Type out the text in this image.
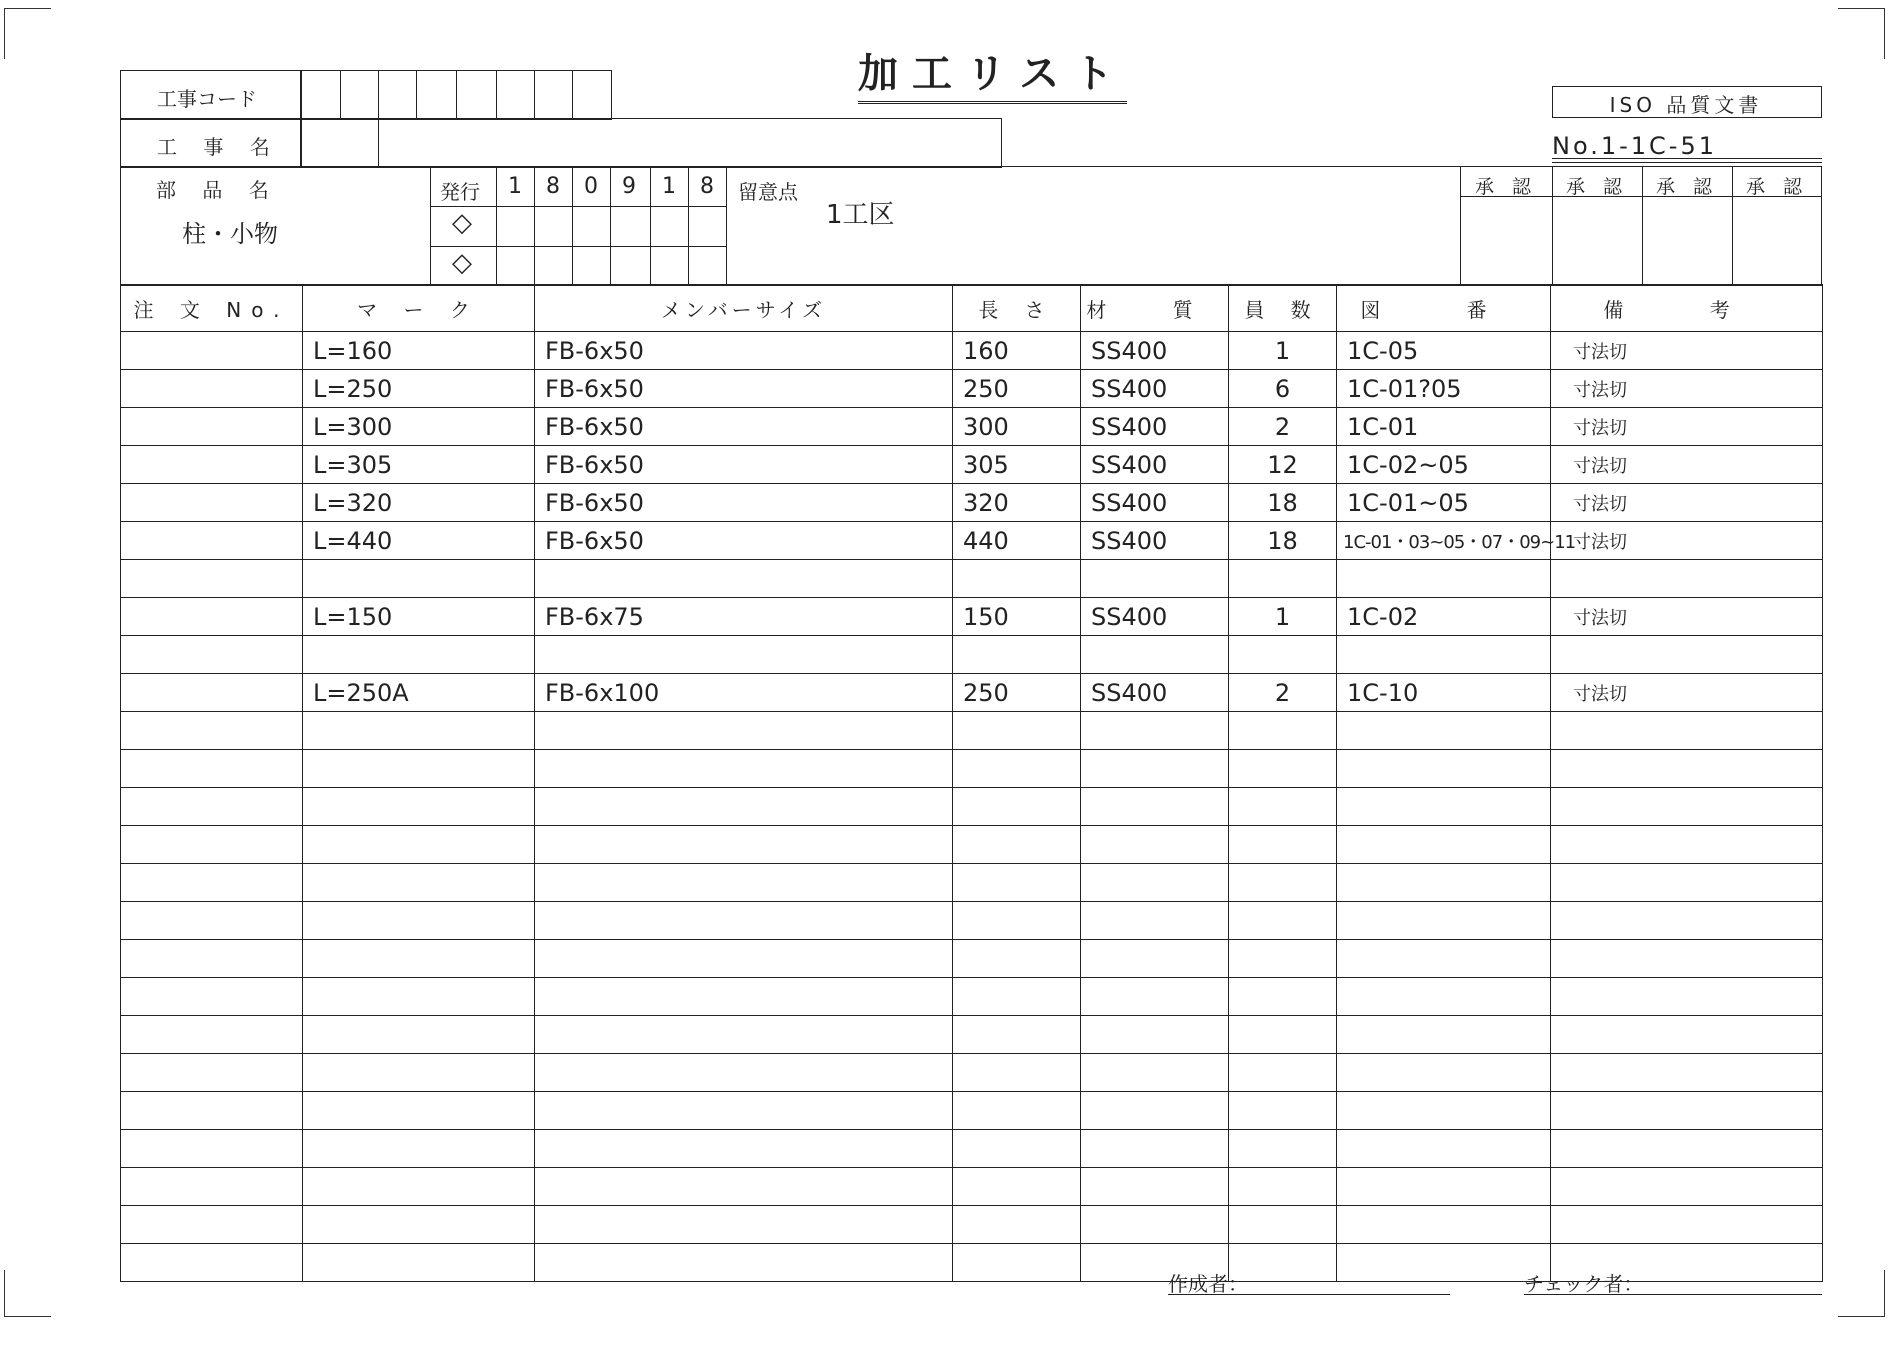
加工リスト
ISO 品質文書
No.1-1C-51
工事コード
工 事 名
部 品 名
柱・小物
発行	1	8	0	9	1	8
◇
◇
留意点
1工区
承 認	承 認	承 認	承 認
注 文 No.	マ ー ク	メンバーサイズ	長 さ	材 質	員 数	図 番	備 考
	L=160	FB-6x50	160	SS400	1	1C-05	寸法切
	L=250	FB-6x50	250	SS400	6	1C-01?05	寸法切
	L=300	FB-6x50	300	SS400	2	1C-01	寸法切
	L=305	FB-6x50	305	SS400	12	1C-02~05	寸法切
	L=320	FB-6x50	320	SS400	18	1C-01~05	寸法切
	L=440	FB-6x50	440	SS400	18	1C-01・03~05・07・09~11	寸法切

	L=150	FB-6x75	150	SS400	1	1C-02	寸法切

	L=250A	FB-6x100	250	SS400	2	1C-10	寸法切

作成者：	チェック者：
